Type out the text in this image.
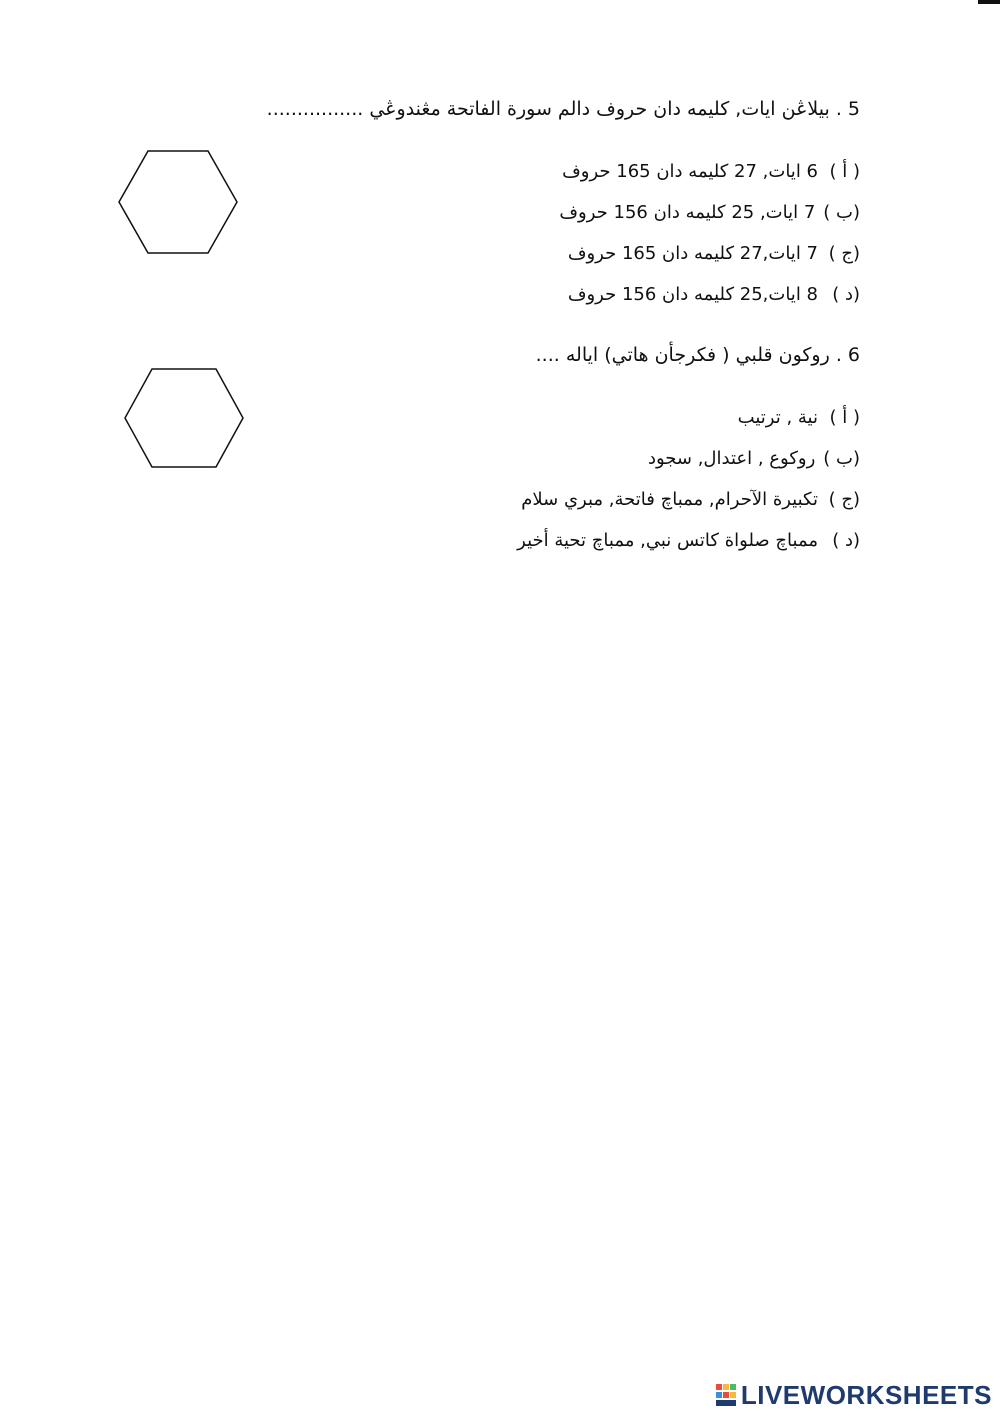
5 . بيلاڠن ايات, كليمه دان حروف دالم سورة الفاتحة مڠندوڠي ................
( أ )6 ايات, 27 كليمه دان 165 حروف
(ب )7 ايات, 25 كليمه دان 156 حروف
(ج )7 ايات,27 كليمه دان 165 حروف
(د )8 ايات,25 كليمه دان 156 حروف
6 . روكون قلبي ( فكرجأن هاتي) اياله ....
( أ )نية , ترتيب
(ب )روكوع , اعتدال, سجود
(ج )تكبيرة الآحرام, ممباچ فاتحة, مبري سلام
(د )ممباچ صلواة كاتس نبي, ممباچ تحية أخير
LIVEWORKSHEETS
